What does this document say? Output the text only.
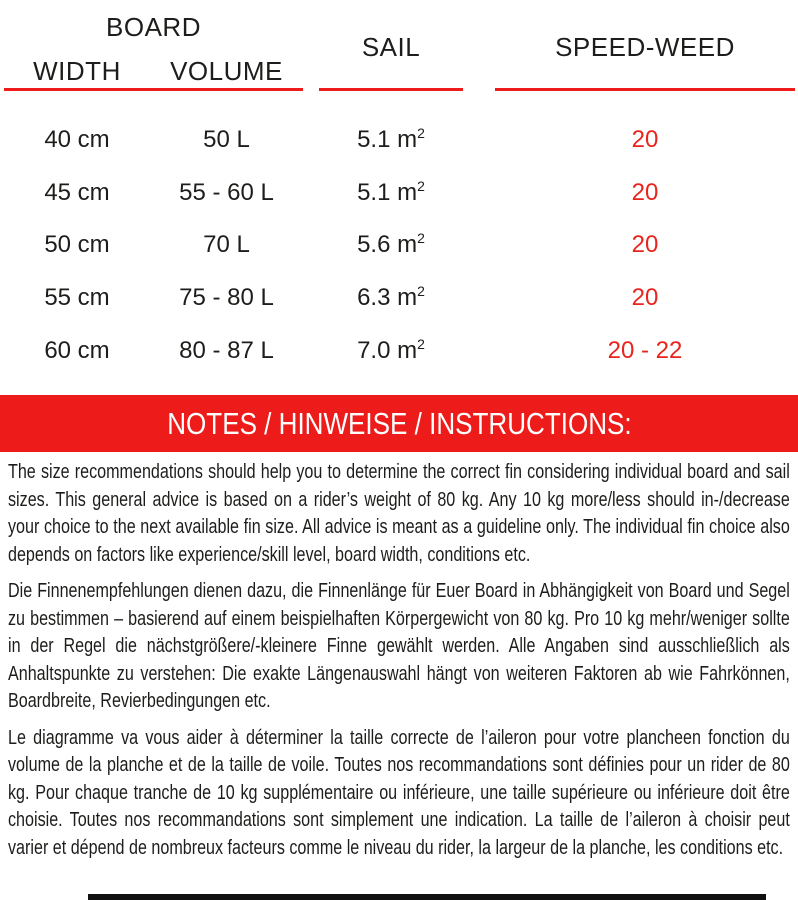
BOARD
SAIL	SPEED-WEED
WIDTH	VOLUME
40 cm	50 L	5.1 $m^2$	20
45 cm	55 - 60 L	5.1 $m^2$	20
50 cm	70 L	5.6 $m^2$	20
55 cm	75 - 80 L	6.3 $m^2$	20
60 cm	80 - 87 L	7.0 $m^2$	20 - 22
NOTES / HINWEISE / INSTRUCTIONS:

The size recommendations should help you to determine the correct fin considering individual board and sail sizes. This general advice is based on a rider’s weight of 80 kg. Any 10 kg more/less should in-/decrease your choice to the next available fin size. All advice is meant as a guideline only. The individual fin choice also depends on factors like experience/skill level, board width, conditions etc.

Die Finnenempfehlungen dienen dazu, die Finnenlänge für Euer Board in Abhängigkeit von Board und Segel zu bestimmen – basierend auf einem beispielhaften Körpergewicht von 80 kg. Pro 10 kg mehr/weniger sollte in der Regel die nächstgrößere/-kleinere Finne gewählt werden. Alle Angaben sind ausschließlich als Anhaltspunkte zu verstehen: Die exakte Längenauswahl hängt von weiteren Faktoren ab wie Fahrkönnen, Boardbreite, Revierbedingungen etc.

Le diagramme va vous aider à déterminer la taille correcte de l’aileron pour votre plancheen fonction du volume de la planche et de la taille de voile. Toutes nos recommandations sont définies pour un rider de 80 kg. Pour chaque tranche de 10 kg supplémentaire ou inférieure, une taille supérieure ou inférieure doit être choisie. Toutes nos recommandations sont simplement une indication. La taille de l’aileron à choisir peut varier et dépend de nombreux facteurs comme le niveau du rider, la largeur de la planche, les conditions etc.
